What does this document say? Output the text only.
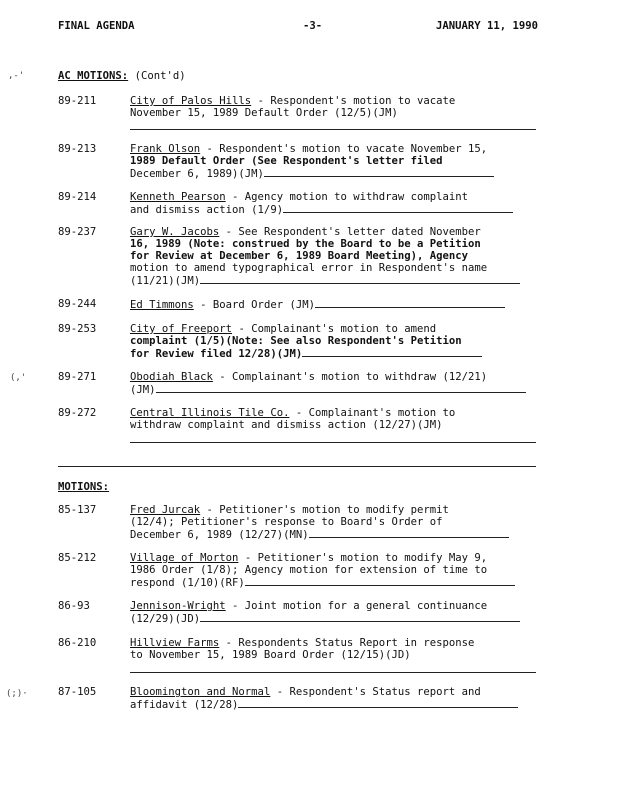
FINAL AGENDA	-3-	JANUARY 11, 1990
,-'	AC MOTIONS: (Cont'd)
89-211	City of Palos Hills - Respondent's motion to vacate
November 15, 1989 Default Order (12/5)(JM)
89-213	Frank Olson - Respondent's motion to vacate November 15,
1989 Default Order (See Respondent's letter filed
December 6, 1989)(JM)
89-214	Kenneth Pearson - Agency motion to withdraw complaint
and dismiss action (1/9)
89-237	Gary W. Jacobs - See Respondent's letter dated November
16, 1989 (Note: construed by the Board to be a Petition
for Review at December 6, 1989 Board Meeting), Agency
motion to amend typographical error in Respondent's name
(11/21)(JM)
89-244	Ed Timmons - Board Order (JM)
89-253	City of Freeport - Complainant's motion to amend
complaint (1/5)(Note: See also Respondent's Petition
for Review filed 12/28)(JM)
(,'	89-271	Obodiah Black - Complainant's motion to withdraw (12/21)
(JM)
89-272	Central Illinois Tile Co. - Complainant's motion to
withdraw complaint and dismiss action (12/27)(JM)
MOTIONS:
85-137	Fred Jurcak - Petitioner's motion to modify permit
(12/4); Petitioner's response to Board's Order of
December 6, 1989 (12/27)(MN)
85-212	Village of Morton - Petitioner's motion to modify May 9,
1986 Order (1/8); Agency motion for extension of time to
respond (1/10)(RF)
86-93	Jennison-Wright - Joint motion for a general continuance
(12/29)(JD)
86-210	Hillview Farms - Respondents Status Report in response
to November 15, 1989 Board Order (12/15)(JD)
(;)·	87-105	Bloomington and Normal - Respondent's Status report and
affidavit (12/28)
